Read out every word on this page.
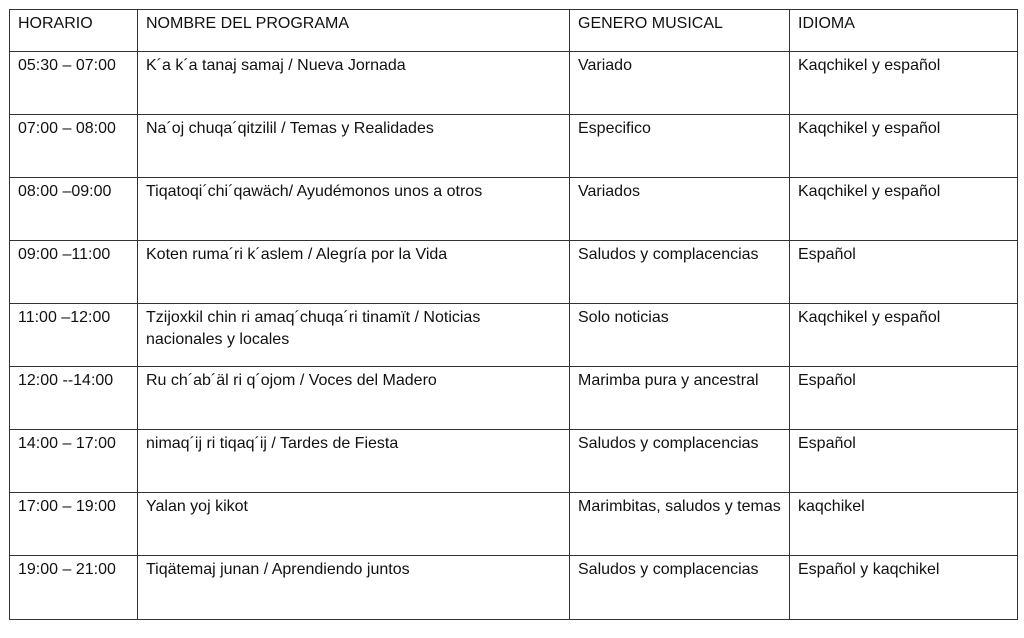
HORARIO	NOMBRE DEL PROGRAMA	GENERO MUSICAL	IDIOMA
05:30 – 07:00	K´a k´a tanaj samaj / Nueva Jornada	Variado	Kaqchikel y español
07:00 – 08:00	Na´oj chuqa´qitzilil / Temas y Realidades	Especifico	Kaqchikel y español
08:00 –09:00	Tiqatoqi´chi´qawäch/ Ayudémonos unos a otros	Variados	Kaqchikel y español
09:00 –11:00	Koten ruma´ri k´aslem / Alegría por la Vida	Saludos y complacencias	Español
11:00 –12:00	Tzijoxkil chin ri amaq´chuqa´ri tinamït / Noticias nacionales y locales	Solo noticias	Kaqchikel y español
12:00 --14:00	Ru ch´ab´äl ri q´ojom / Voces del Madero	Marimba pura y ancestral	Español
14:00 – 17:00	nimaq´ij ri tiqaq´ij / Tardes de Fiesta	Saludos y complacencias	Español
17:00 – 19:00	Yalan yoj kikot	Marimbitas, saludos y temas	kaqchikel
19:00 – 21:00	Tiqätemaj junan / Aprendiendo juntos	Saludos y complacencias	Español y kaqchikel
